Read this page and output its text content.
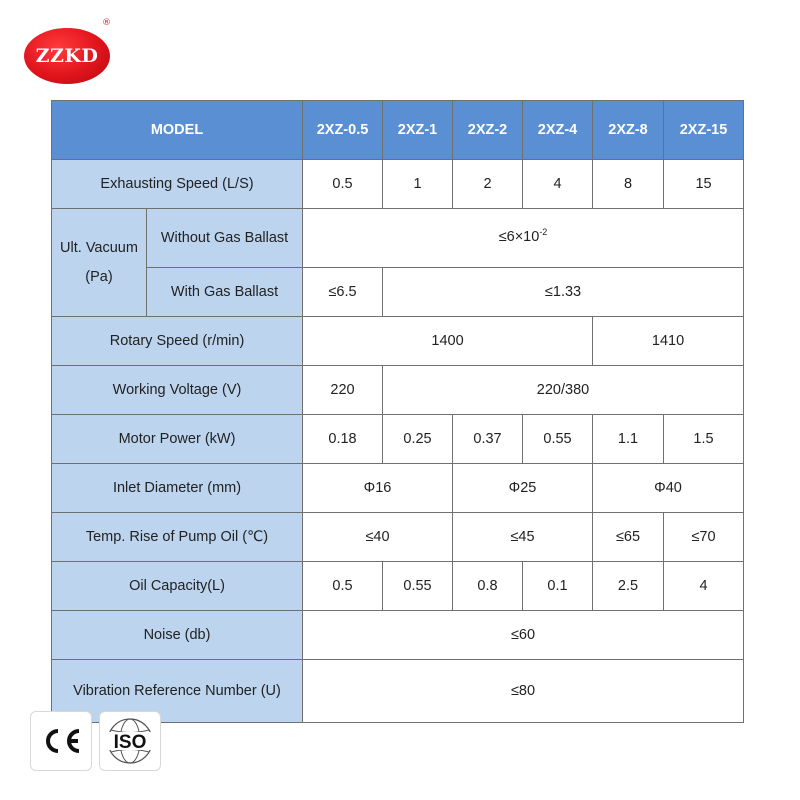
ZZKD
®
MODEL		2XZ-0.5	2XZ-1	2XZ-2	2XZ-4	2XZ-8	2XZ-15
Exhausting Speed (L/S)		0.5	1	2	4	8	15
Ult. Vacuum (Pa)	Without Gas Ballast	$\le 6\times 10^{-2}$
	With Gas Ballast	≤6.5	≤1.33				
Rotary Speed (r/min)		1400				1410	
Working Voltage (V)		220	220/380				
Motor Power (kW)		0.18	0.25	0.37	0.55	1.1	1.5
Inlet Diameter (mm)		Φ16		Φ25		Φ40	
Temp. Rise of Pump Oil (℃)		≤40		≤45		≤65	≤70
Oil Capacity(L)		0.5	0.55	0.8	0.1	2.5	4
Noise (db)		≤60					
Vibration Reference Number (U)		≤80					
ISO
